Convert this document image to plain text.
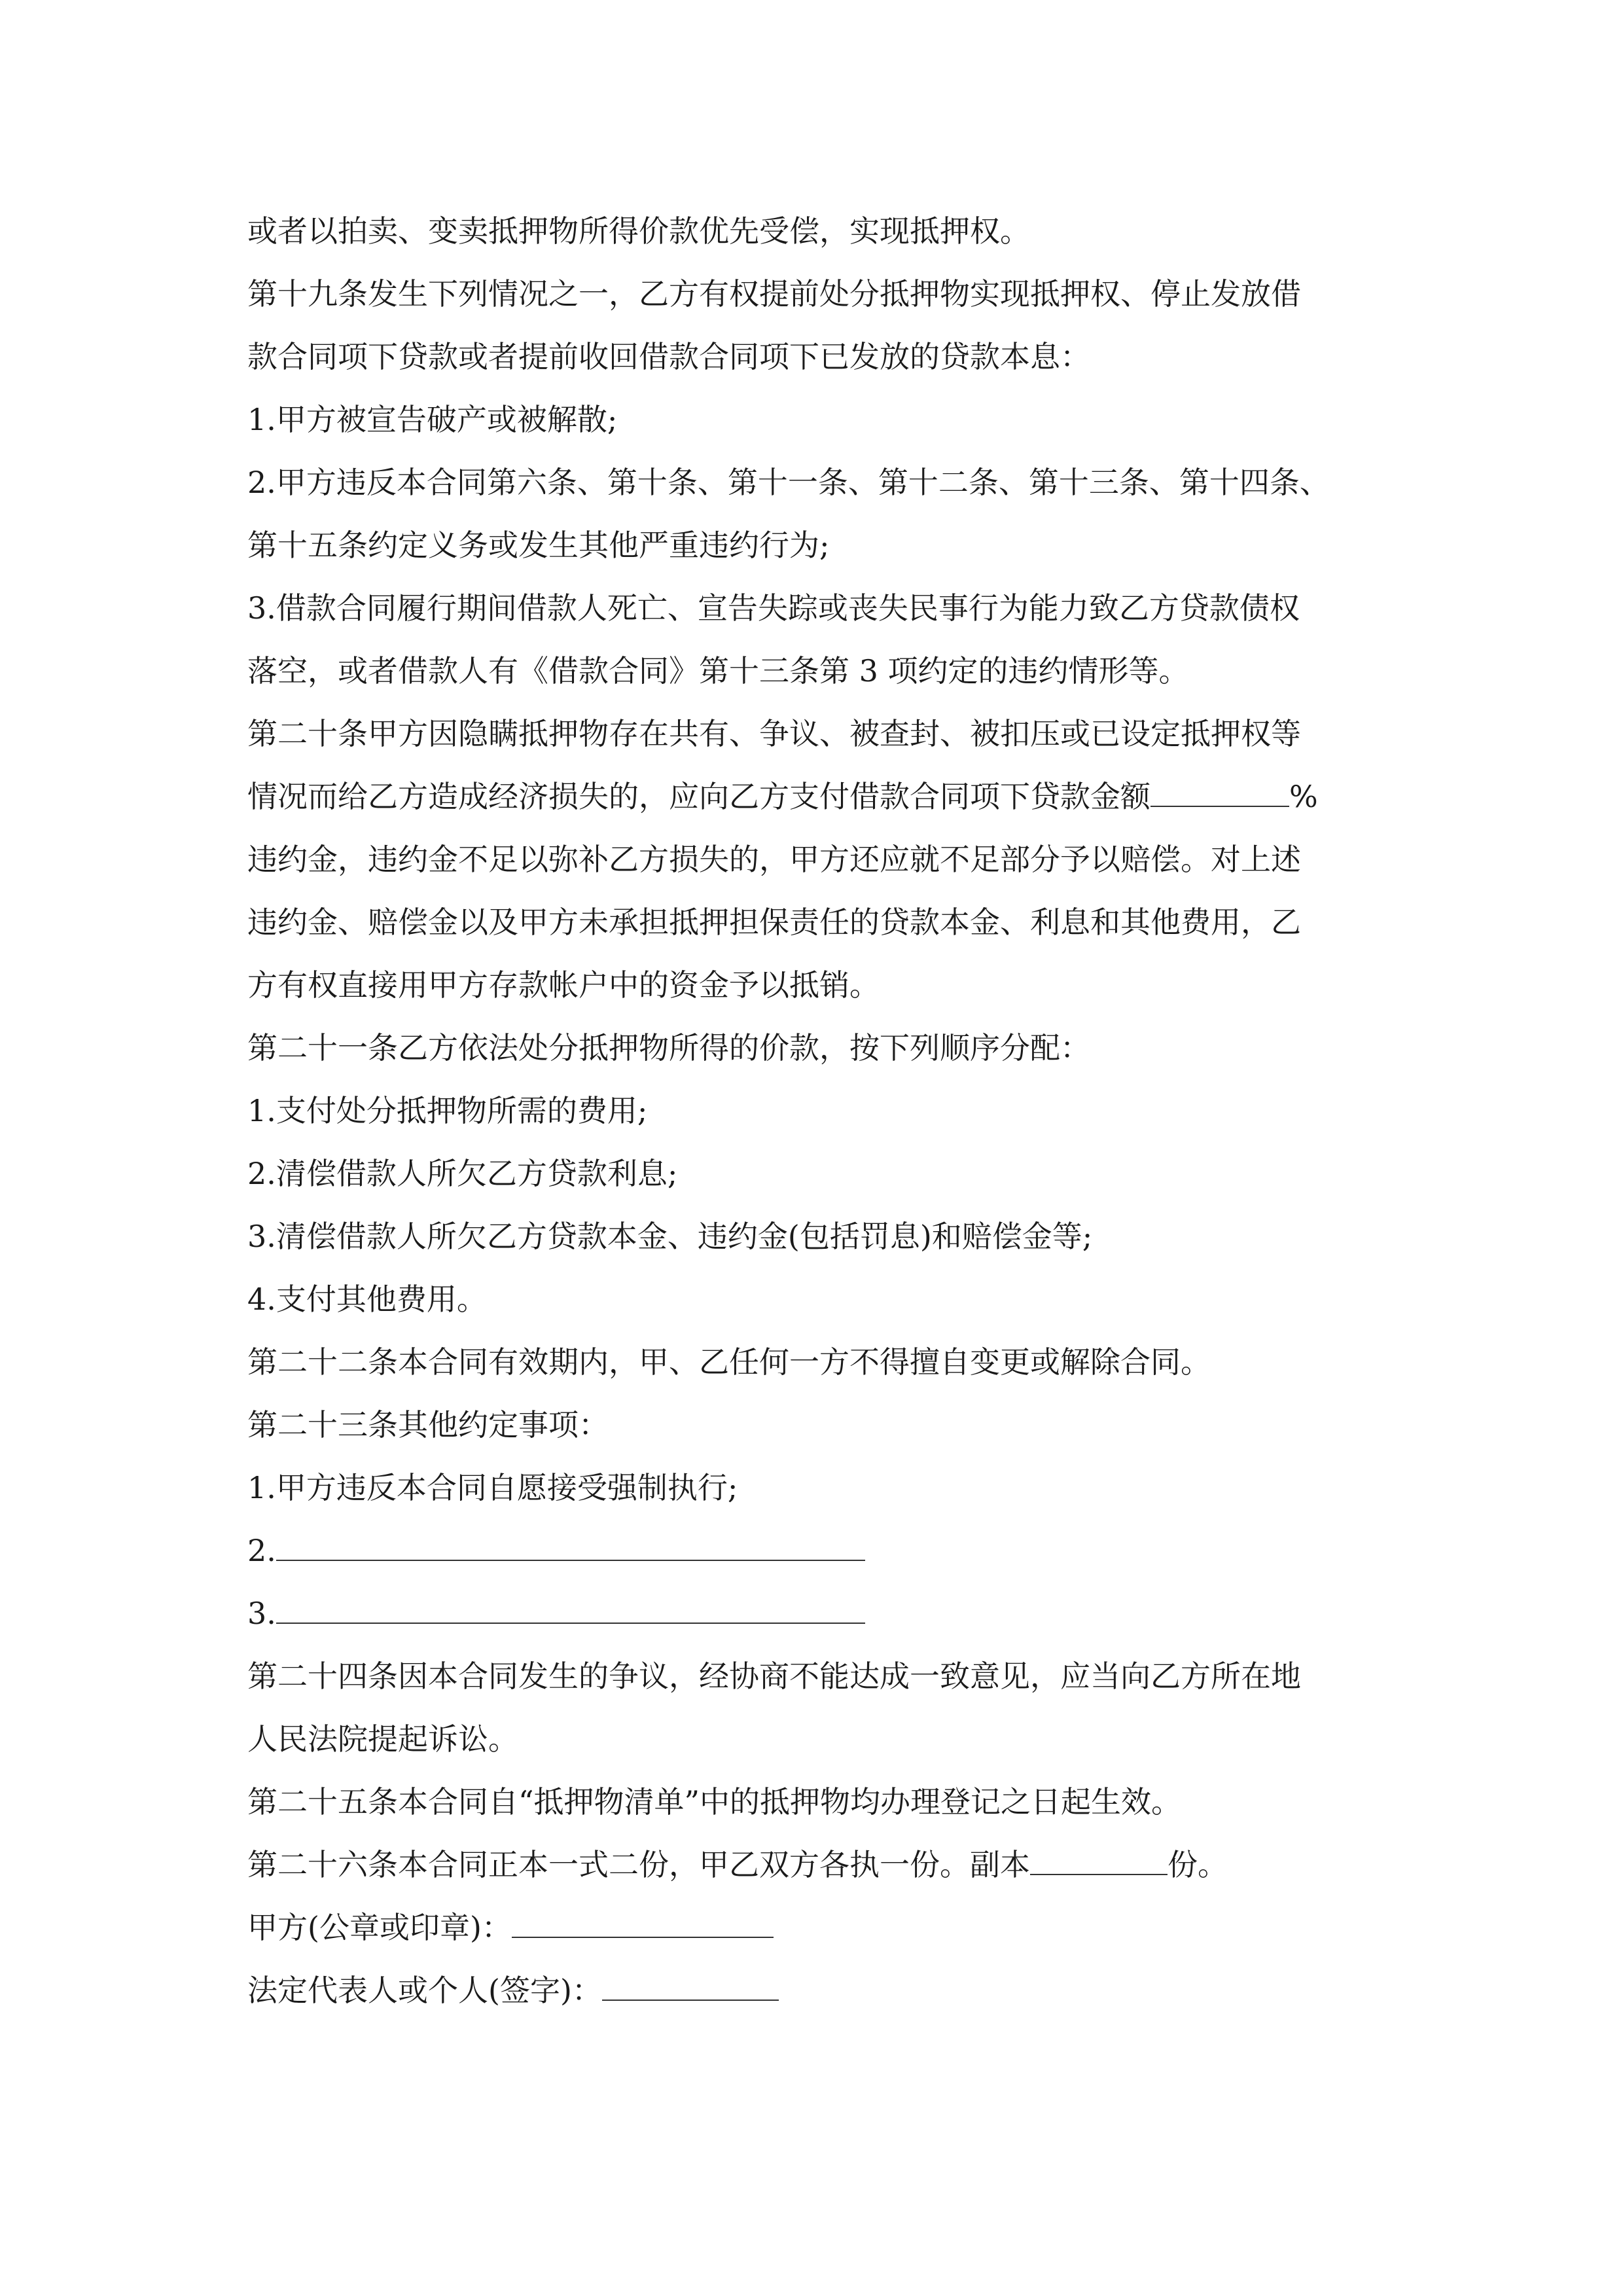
或者以拍卖、变卖抵押物所得价款优先受偿，实现抵押权。
第十九条发生下列情况之一，乙方有权提前处分抵押物实现抵押权、停止发放借
款合同项下贷款或者提前收回借款合同项下已发放的贷款本息：
1.甲方被宣告破产或被解散;
2.甲方违反本合同第六条、第十条、第十一条、第十二条、第十三条、第十四条、
第十五条约定义务或发生其他严重违约行为;
3.借款合同履行期间借款人死亡、宣告失踪或丧失民事行为能力致乙方贷款债权
落空，或者借款人有《借款合同》第十三条第 3 项约定的违约情形等。
第二十条甲方因隐瞒抵押物存在共有、争议、被查封、被扣压或已设定抵押权等
情况而给乙方造成经济损失的，应向乙方支付借款合同项下贷款金额	%
违约金，违约金不足以弥补乙方损失的，甲方还应就不足部分予以赔偿。对上述
违约金、赔偿金以及甲方未承担抵押担保责任的贷款本金、利息和其他费用，乙
方有权直接用甲方存款帐户中的资金予以抵销。
第二十一条乙方依法处分抵押物所得的价款，按下列顺序分配：
1.支付处分抵押物所需的费用;
2.清偿借款人所欠乙方贷款利息;
3.清偿借款人所欠乙方贷款本金、违约金(包括罚息)和赔偿金等;
4.支付其他费用。
第二十二条本合同有效期内，甲、乙任何一方不得擅自变更或解除合同。
第二十三条其他约定事项：
1.甲方违反本合同自愿接受强制执行;
2.
3.
第二十四条因本合同发生的争议，经协商不能达成一致意见，应当向乙方所在地
人民法院提起诉讼。
第二十五条本合同自“抵押物清单”中的抵押物均办理登记之日起生效。
第二十六条本合同正本一式二份，甲乙双方各执一份。副本	份。
甲方(公章或印章)：
法定代表人或个人(签字)：
